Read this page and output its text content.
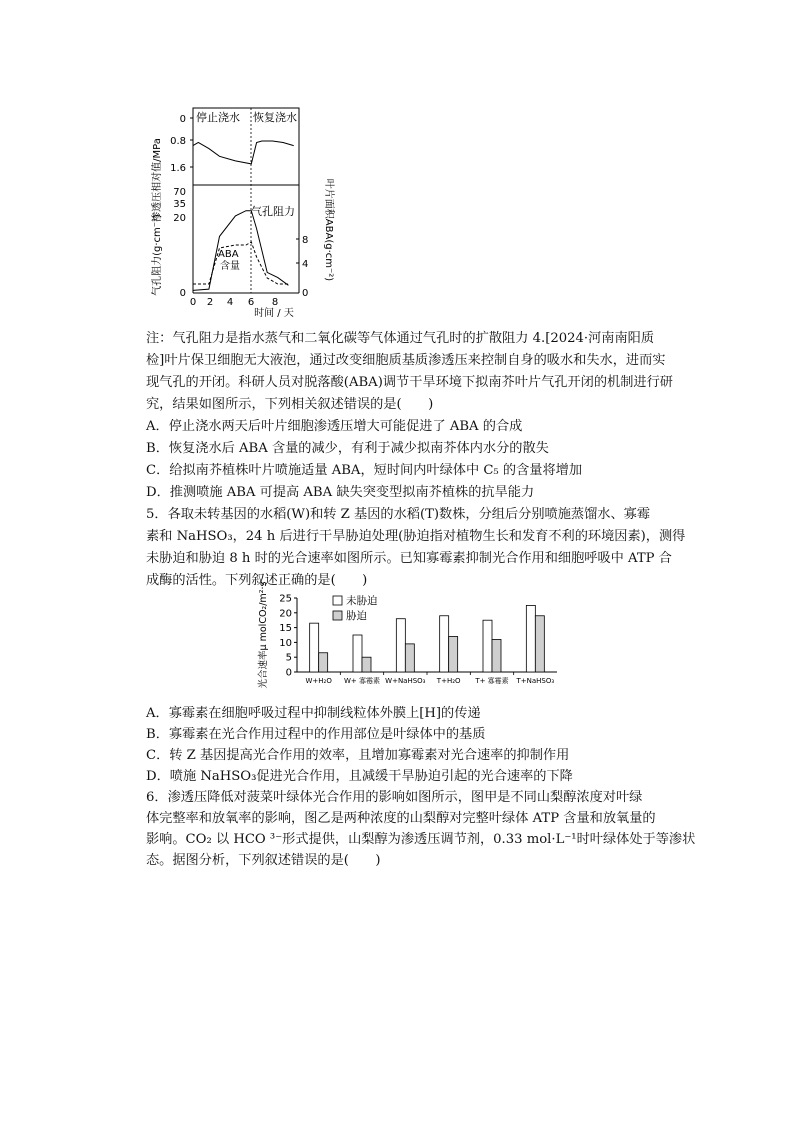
停止浇水 恢复浇水
0
0.8
1.6
70
35
20
0
8
4
0
0 2 4 6 8
时间 / 天
渗透压相对值/MPa
气孔阻力(g·cm⁻¹)	叶片面积ABA(g·cm⁻²)
气孔阻力
ABA
含量
注：气孔阻力是指水蒸气和二氧化碳等气体通过气孔时的扩散阻力 4.[2024·河南南阳质
检]叶片保卫细胞无大液泡，通过改变细胞质基质渗透压来控制自身的吸水和失水，进而实
现气孔的开闭。科研人员对脱落酸(ABA)调节干旱环境下拟南芥叶片气孔开闭的机制进行研
究，结果如图所示，下列相关叙述错误的是(　　)
A．停止浇水两天后叶片细胞渗透压增大可能促进了 ABA 的合成
B．恢复浇水后 ABA 含量的减少，有利于减少拟南芥体内水分的散失
C．给拟南芥植株叶片喷施适量 ABA，短时间内叶绿体中 C₅ 的含量将增加
D．推测喷施 ABA 可提高 ABA 缺失突变型拟南芥植株的抗旱能力
5．各取未转基因的水稻(W)和转 Z 基因的水稻(T)数株，分组后分别喷施蒸馏水、寡霉
素和 NaHSO₃，24 h 后进行干旱胁迫处理(胁迫指对植物生长和发育不利的环境因素)，测得
未胁迫和胁迫 8 h 时的光合速率如图所示。已知寡霉素抑制光合作用和细胞呼吸中 ATP 合
成酶的活性。下列叙述正确的是(　　)
0
5
10
15
20
25
光合速率μ molCO₂/m²·s	W+H₂O W+ 寡霉素 W+NaHSO₃ T+H₂O T+ 寡霉素 T+NaHSO₃
未胁迫
胁迫
A．寡霉素在细胞呼吸过程中抑制线粒体外膜上[H]的传递
B．寡霉素在光合作用过程中的作用部位是叶绿体中的基质
C．转 Z 基因提高光合作用的效率，且增加寡霉素对光合速率的抑制作用
D．喷施 NaHSO₃促进光合作用，且减缓干旱胁迫引起的光合速率的下降
6．渗透压降低对菠菜叶绿体光合作用的影响如图所示，图甲是不同山梨醇浓度对叶绿
体完整率和放氧率的影响，图乙是两种浓度的山梨醇对完整叶绿体 ATP 含量和放氧量的
影响。CO₂ 以 HCO ³⁻形式提供，山梨醇为渗透压调节剂，0.33 mol·L⁻¹时叶绿体处于等渗状
态。据图分析，下列叙述错误的是(　　)
